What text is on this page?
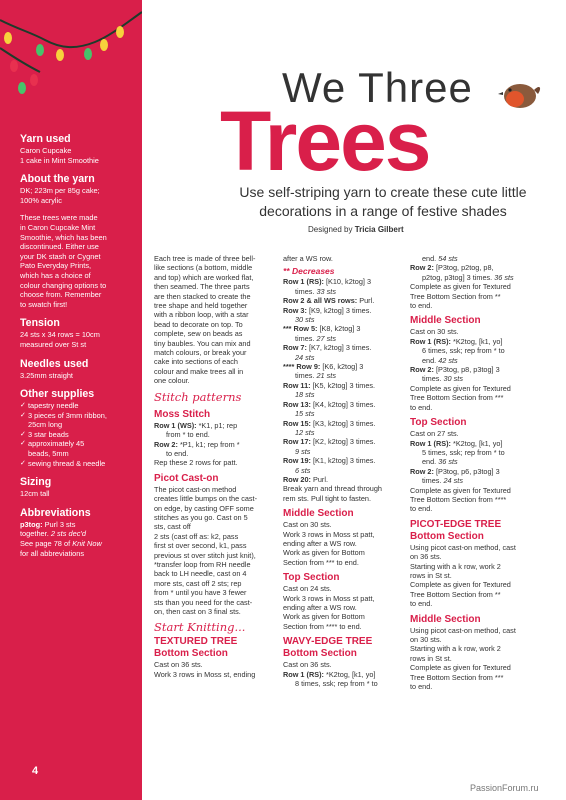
Yarn used
Caron Cupcake
1 cake in Mint Smoothie
About the yarn
DK; 223m per 85g cake;
100% acrylic
These trees were made
in Caron Cupcake Mint
Smoothie, which has been
discontinued. Either use
your DK stash or Cygnet
Pato Everyday Prints,
which has a choice of
colour changing options to
choose from. Remember
to swatch first!
Tension
24 sts x 34 rows = 10cm
measured over St st
Needles used
3.25mm straight
Other supplies
✓ tapestry needle
✓ 3 pieces of 3mm ribbon,
25cm long
✓ 3 star beads
✓ approximately 45
beads, 5mm
✓ sewing thread & needle
Sizing
12cm tall
Abbreviations
p3tog: Purl 3 sts
together. 2 sts dec'd
See page 78 of Knit Now
for all abbreviations
4
We Three
Trees
Use self-striping yarn to create these cute little
decorations in a range of festive shades
Designed by Tricia Gilbert
Each tree is made of three bell-
like sections (a bottom, middle
and top) which are worked flat,
then seamed. The three parts
are then stacked to create the
tree shape and held together
with a ribbon loop, with a star
bead to decorate on top. To
complete, sew on beads as
tiny baubles. You can mix and
match colours, or break your
cake into sections of each
colour and make trees all in
one colour.
Stitch patterns
Moss Stitch
Row 1 (WS): *K1, p1; rep
from * to end.
Row 2: *P1, k1; rep from *
to end.
Rep these 2 rows for patt.
Picot Cast-on
The picot cast-on method
creates little bumps on the cast-
on edge, by casting OFF some
stitches as you go. Cast on 5
sts, cast off
2 sts (cast off as: k2, pass
first st over second, k1, pass
previous st over stitch just knit),
*transfer loop from RH needle
back to LH needle, cast on 4
more sts, cast off 2 sts; rep
from * until you have 3 fewer
sts than you need for the cast-
on, then cast on 3 final sts.
Start Knitting...
TEXTURED TREE
Bottom Section
Cast on 36 sts.
Work 3 rows in Moss st, ending
after a WS row.
** Decreases
Row 1 (RS): [K10, k2tog] 3
times. 33 sts
Row 2 & all WS rows: Purl.
Row 3: [K9, k2tog] 3 times.
30 sts
*** Row 5: [K8, k2tog] 3
times. 27 sts
Row 7: [K7, k2tog] 3 times.
24 sts
**** Row 9: [K6, k2tog] 3
times. 21 sts
Row 11: [K5, k2tog] 3 times.
18 sts
Row 13: [K4, k2tog] 3 times.
15 sts
Row 15: [K3, k2tog] 3 times.
12 sts
Row 17: [K2, k2tog] 3 times.
9 sts
Row 19: [K1, k2tog] 3 times.
6 sts
Row 20: Purl.
Break yarn and thread through
rem sts. Pull tight to fasten.
Middle Section
Cast on 30 sts.
Work 3 rows in Moss st patt,
ending after a WS row.
Work as given for Bottom
Section from *** to end.
Top Section
Cast on 24 sts.
Work 3 rows in Moss st patt,
ending after a WS row.
Work as given for Bottom
Section from **** to end.
WAVY-EDGE TREE
Bottom Section
Cast on 36 sts.
Row 1 (RS): *K2tog, [k1, yo]
8 times, ssk; rep from * to
end. 54 sts
Row 2: [P3tog, p2tog, p8,
p2tog, p3tog] 3 times. 36 sts
Complete as given for Textured
Tree Bottom Section from **
to end.
Middle Section
Cast on 30 sts.
Row 1 (RS): *K2tog, [k1, yo]
6 times, ssk; rep from * to
end. 42 sts
Row 2: [P3tog, p8, p3tog] 3
times. 30 sts
Complete as given for Textured
Tree Bottom Section from ***
to end.
Top Section
Cast on 27 sts.
Row 1 (RS): *K2tog, [k1, yo]
5 times, ssk; rep from * to
end. 36 sts
Row 2: [P3tog, p6, p3tog] 3
times. 24 sts
Complete as given for Textured
Tree Bottom Section from ****
to end.
PICOT-EDGE TREE
Bottom Section
Using picot cast-on method, cast
on 36 sts.
Starting with a k row, work 2
rows in St st.
Complete as given for Textured
Tree Bottom Section from **
to end.
Middle Section
Using picot cast-on method, cast
on 30 sts.
Starting with a k row, work 2
rows in St st.
Complete as given for Textured
Tree Bottom Section from ***
to end.
PassionForum.ru
